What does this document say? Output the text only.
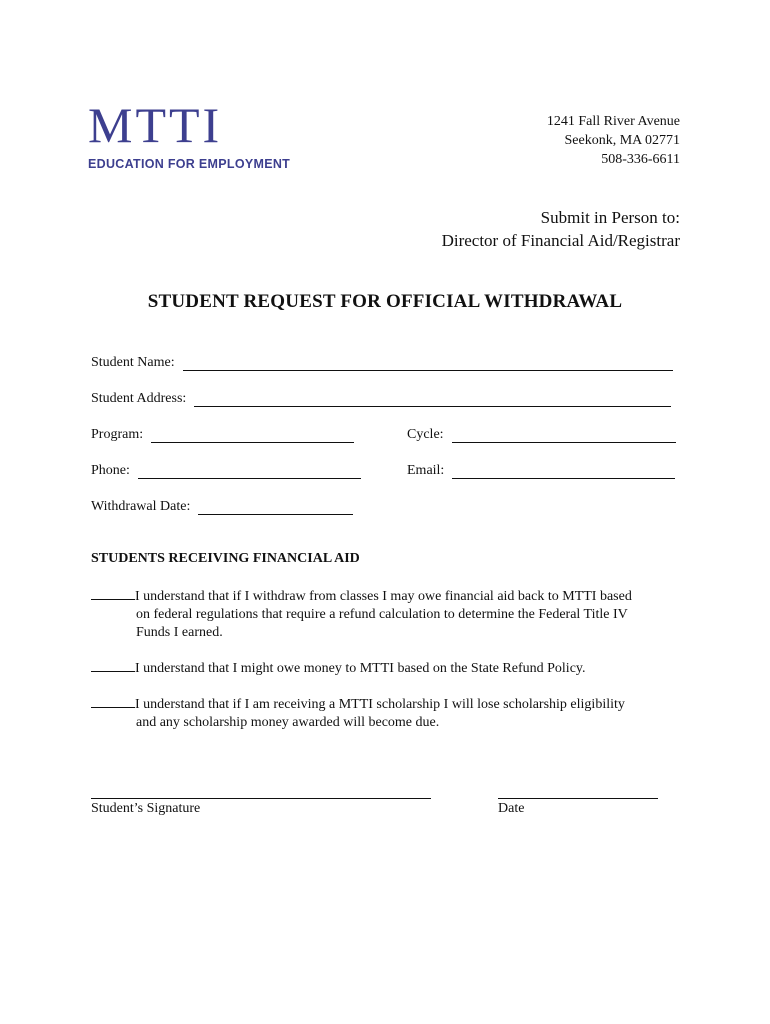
MTTI
EDUCATION FOR EMPLOYMENT
1241 Fall River Avenue
Seekonk, MA 02771
508-336-6611
Submit in Person to:
Director of Financial Aid/Registrar
STUDENT REQUEST FOR OFFICIAL WITHDRAWAL
Student Name:
Student Address:
Program:	Cycle:
Phone:	Email:
Withdrawal Date:
STUDENTS RECEIVING FINANCIAL AID
I understand that if I withdraw from classes I may owe financial aid back to MTTI based
on federal regulations that require a refund calculation to determine the Federal Title IV
Funds I earned.
I understand that I might owe money to MTTI based on the State Refund Policy.
I understand that if I am receiving a MTTI scholarship I will lose scholarship eligibility
and any scholarship money awarded will become due.
Student’s Signature	Date
